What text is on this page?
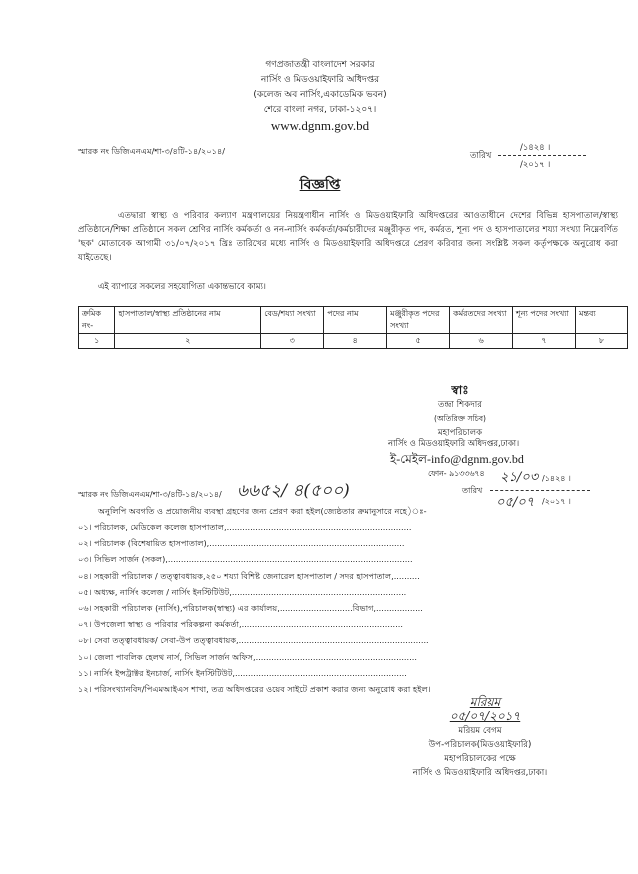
গণপ্রজাতন্ত্রী বাংলাদেশ সরকার
নার্সিং ও মিডওয়াইফারি অধিদপ্তর
(কলেজ অব নার্সিং,একাডেমিক ভবন)
শেরে বাংলা নগর, ঢাকা-১২০৭।
www.dgnm.gov.bd
স্মারক নং ডিজিএনএম/শা-৩/৪টি-১৪/২০১৪/	তারিখ
/১৪২৪ ।
/২০১৭ ।
বিজ্ঞপ্তি
এতদ্বারা স্বাস্থ্য ও পরিবার কল্যাণ মন্ত্রণালয়ের নিয়ন্ত্রণাধীন নার্সিং ও মিডওয়াইফারি অধিদপ্তরের আওতাধীনে দেশের বিভিন্ন হাসপাতাল/স্বাস্থ্য প্রতিষ্ঠানে/শিক্ষা প্রতিষ্ঠানে সকল শ্রেণির নার্সিং কর্মকর্তা ও নন-নার্সিং কর্মকর্তা/কর্মচারীদের মঞ্জুরীকৃত পদ, কর্মরত, শূন্য পদ ও হাসপাতালের শয্যা সংখ্যা নিম্নেবর্ণিত 'ছক' মোতাবেক আগামী ৩১/০৭/২০১৭ খ্রিঃ তারিখের মধ্যে নার্সিং ও মিডওয়াইফারি অধিদপ্তরে প্রেরণ করিবার জন্য সংশ্লিষ্ট সকল কর্তৃপক্ষকে অনুরোধ করা যাইতেছে।
এই ব্যাপারে সকলের সহযোগিতা একান্তভাবে কাম্য।
ক্রমিক নং-	হাসপাতাল/স্বাস্থ্য প্রতিষ্ঠানের নাম	বেড/শয্যা সংখ্যা	পদের নাম	মঞ্জুরীকৃত পদের সংখ্যা	কর্মরতদের সংখ্যা	শূন্য পদের সংখ্যা	মন্তব্য
১	২	৩	৪	৫	৬	৭	৮
স্বাঃ
তন্দ্রা শিকদার
(অতিরিক্ত সচিব)
মহাপরিচালক
নার্সিং ও মিডওয়াইফারি অধিদপ্তর,ঢাকা।
ই-মেইল-info@dgnm.gov.bd
ফোন- ৯১৩৩৬৭৪
স্মারক নং ডিজিএনএম/শা-৩/৪টি-১৪/২০১৪/ ৬৬৫২/ ৪(৫০০)
২১/০৩ /১৪২৪ ।
তারিখ
০৫/০৭ /২০১৭ ।
অনুলিপি অবগতি ও প্রয়োজনীয় ব্যবস্থা গ্রহণের জন্য প্রেরণ করা হইল(জ্যেষ্ঠতার ক্রমানুসারে নহে)ঃ-
০১। পরিচালক, মেডিকেল কলেজ হাসপাতাল,.......................................................................
০২। পরিচালক (বিশেষায়িত হাসপাতাল),...........................................................................
০৩। সিভিল সার্জন (সকল),..............................................................................................
০৪। সহকারী পরিচালক / তত্ত্বাবধায়ক,২৫০ শয্যা বিশিষ্ট জেনারেল হাসপাতাল / সদর হাসপাতাল,..........
০৫। অধ্যক্ষ, নার্সিং কলেজ / নার্সিং ইনস্টিটিউট,...................................................................
০৬। সহকারী পরিচালক (নার্সিং),পরিচালক(স্বাস্থ্য) এর কার্যালয়,............................বিভাগ,..................
০৭। উপজেলা স্বাস্থ্য ও পরিবার পরিকল্পনা কর্মকর্তা,..............................................................
০৮। সেবা তত্ত্বাবধায়ক/ সেবা-উপ তত্ত্বাবধায়ক,.........................................................................
১০। জেলা পাবলিক হেলথ নার্স, সিভিল সার্জন অফিস,..............................................................
১১। নার্সিং ইন্সট্রাক্টর ইনচার্জ, নার্সিং ইনস্টিটিউট,..................................................................
১২। পরিসংখ্যানবিদ/পিএমআইএস শাখা, তত্র অধিদপ্তরের ওয়েব সাইটে প্রকাশ করার জন্য অনুরোধ করা হইল।
মরিয়ম ০৫/০৭/২০১৭
মরিয়ম বেগম
উপ-পরিচালক(মিডওয়াইফারি)
মহাপরিচালকের পক্ষে
নার্সিং ও মিডওয়াইফারি অধিদপ্তর,ঢাকা।
